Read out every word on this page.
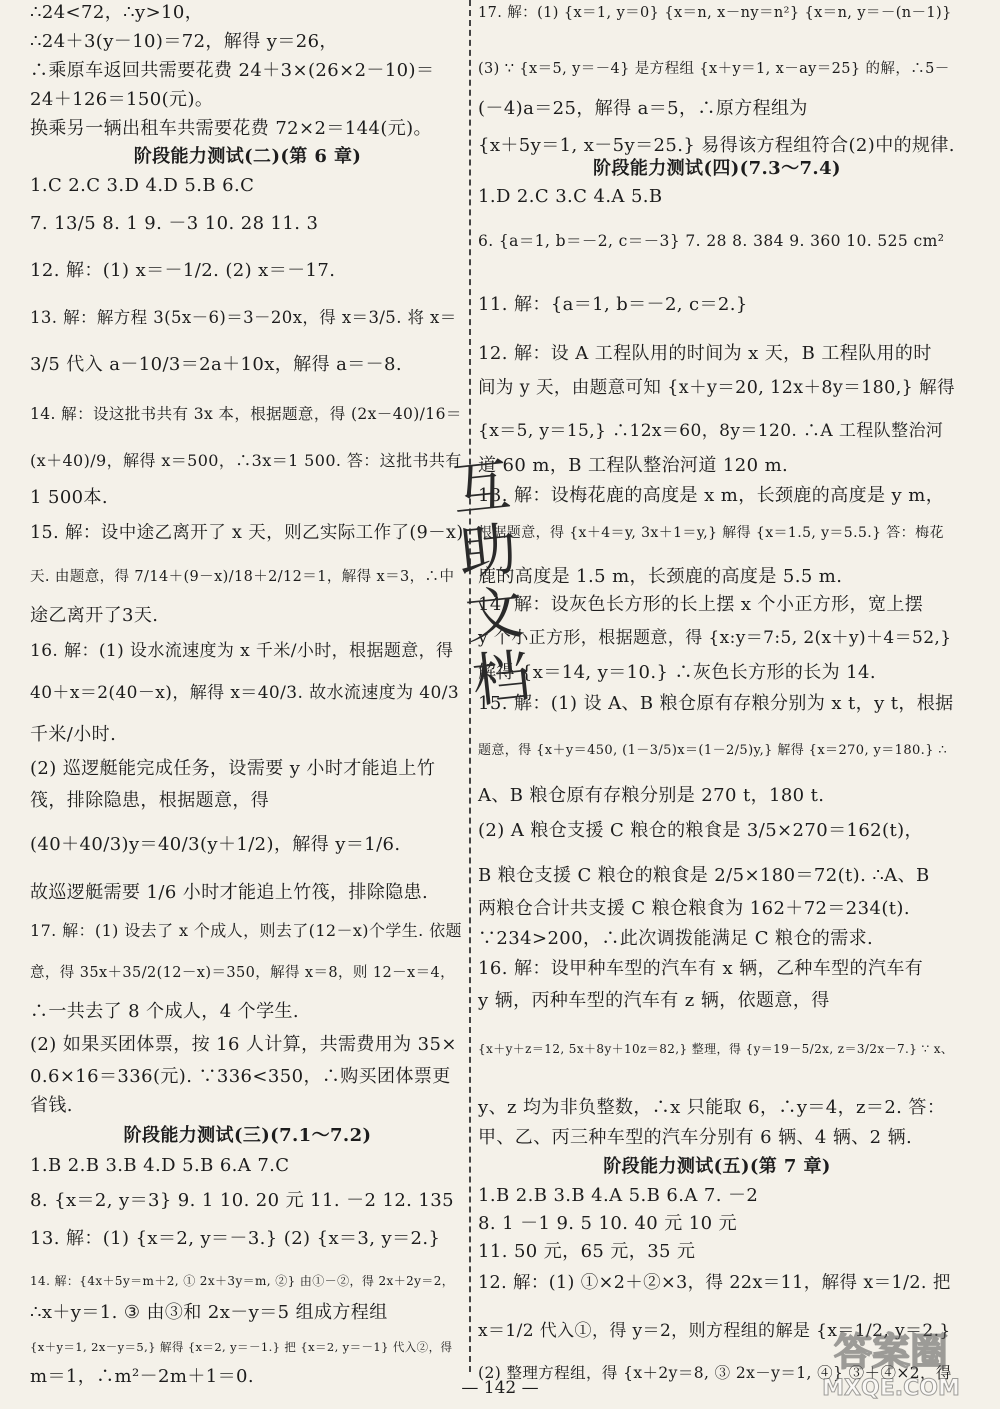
∴24<72，∴y>10，
∴24＋3(y－10)＝72，解得 y＝26，
∴乘原车返回共需要花费 24＋3×(26×2－10)＝
24＋126＝150(元)。
换乘另一辆出租车共需要花费 72×2＝144(元)。
阶段能力测试(二)(第 6 章)
1.C 2.C 3.D 4.D 5.B 6.C
7. 13/5 8. 1 9. －3 10. 28 11. 3
12. 解：(1) x＝－1/2. (2) x＝－17.
13. 解：解方程 3(5x－6)＝3－20x，得 x＝3/5. 将 x＝
3/5 代入 a－10/3＝2a＋10x，解得 a＝－8.
14. 解：设这批书共有 3x 本，根据题意，得 (2x－40)/16＝
(x＋40)/9，解得 x＝500，∴3x＝1 500. 答：这批书共有
1 500本.
15. 解：设中途乙离开了 x 天，则乙实际工作了(9－x)
天. 由题意，得 7/14＋(9－x)/18＋2/12＝1，解得 x＝3，∴中
途乙离开了3天.
16. 解：(1) 设水流速度为 x 千米/小时，根据题意，得
40＋x＝2(40－x)，解得 x＝40/3. 故水流速度为 40/3
千米/小时.
(2) 巡逻艇能完成任务，设需要 y 小时才能追上竹
筏，排除隐患，根据题意，得
(40＋40/3)y＝40/3(y＋1/2)，解得 y＝1/6.
故巡逻艇需要 1/6 小时才能追上竹筏，排除隐患.
17. 解：(1) 设去了 x 个成人，则去了(12－x)个学生. 依题
意，得 35x＋35/2(12－x)＝350，解得 x＝8，则 12－x＝4，
∴一共去了 8 个成人，4 个学生.
(2) 如果买团体票，按 16 人计算，共需费用为 35×
0.6×16＝336(元). ∵336<350，∴购买团体票更
省钱.
阶段能力测试(三)(7.1～7.2)
1.B 2.B 3.B 4.D 5.B 6.A 7.C
8. {x＝2, y＝3} 9. 1 10. 20 元 11. －2 12. 135
13. 解：(1) {x＝2, y＝－3.} (2) {x＝3, y＝2.}
14. 解：{4x＋5y＝m＋2, ① 2x＋3y＝m, ②} 由①－②，得 2x＋2y＝2，
∴x＋y＝1. ③ 由③和 2x－y＝5 组成方程组
{x＋y＝1, 2x－y＝5,} 解得 {x＝2, y＝－1.} 把 {x＝2, y＝－1} 代入②，得
m＝1，∴m²－2m＋1＝0.
17. 解：(1) {x＝1, y＝0} {x＝n, x－ny＝n²} {x＝n, y＝－(n－1)}
(3) ∵ {x＝5, y＝－4} 是方程组 {x＋y＝1, x－ay＝25} 的解，∴5－
(－4)a＝25，解得 a＝5，∴原方程组为
{x＋5y＝1, x－5y＝25.} 易得该方程组符合(2)中的规律.
阶段能力测试(四)(7.3～7.4)
1.D 2.C 3.C 4.A 5.B
6. {a＝1, b＝－2, c＝－3} 7. 28 8. 384 9. 360 10. 525 cm²
11. 解：{a＝1, b＝－2, c＝2.}
12. 解：设 A 工程队用的时间为 x 天，B 工程队用的时
间为 y 天，由题意可知 {x＋y＝20, 12x＋8y＝180,} 解得
{x＝5, y＝15,} ∴12x＝60，8y＝120. ∴A 工程队整治河
道 60 m，B 工程队整治河道 120 m.
13. 解：设梅花鹿的高度是 x m，长颈鹿的高度是 y m，
根据题意，得 {x＋4＝y, 3x＋1＝y,} 解得 {x＝1.5, y＝5.5.} 答：梅花
鹿的高度是 1.5 m，长颈鹿的高度是 5.5 m.
14. 解：设灰色长方形的长上摆 x 个小正方形，宽上摆
y 个小正方形，根据题意，得 {x:y＝7:5, 2(x＋y)＋4＝52,}
解得 {x＝14, y＝10.} ∴灰色长方形的长为 14.
15. 解：(1) 设 A、B 粮仓原有存粮分别为 x t，y t，根据
题意，得 {x＋y＝450, (1－3/5)x＝(1－2/5)y,} 解得 {x＝270, y＝180.} ∴
A、B 粮仓原有存粮分别是 270 t，180 t.
(2) A 粮仓支援 C 粮仓的粮食是 3/5×270＝162(t)，
B 粮仓支援 C 粮仓的粮食是 2/5×180＝72(t). ∴A、B
两粮仓合计共支援 C 粮仓粮食为 162＋72＝234(t).
∵234>200，∴此次调拨能满足 C 粮仓的需求.
16. 解：设甲种车型的汽车有 x 辆，乙种车型的汽车有
y 辆，丙种车型的汽车有 z 辆，依题意，得
{x＋y＋z＝12, 5x＋8y＋10z＝82,} 整理，得 {y＝19－5/2x, z＝3/2x－7.} ∵ x、
y、z 均为非负整数，∴x 只能取 6，∴y＝4，z＝2. 答：
甲、乙、丙三种车型的汽车分别有 6 辆、4 辆、2 辆.
阶段能力测试(五)(第 7 章)
1.B 2.B 3.B 4.A 5.B 6.A 7. －2
8. 1 －1 9. 5 10. 40 元 10 元
11. 50 元，65 元，35 元
12. 解：(1) ①×2＋②×3，得 22x＝11，解得 x＝1/2. 把
x＝1/2 代入①，得 y＝2，则方程组的解是 {x＝1/2, y＝2.}
(2) 整理方程组，得 {x＋2y＝8, ③ 2x－y＝1, ④} ③＋④×2，得
互
助
文
档
答案圈
MXQE.COM
— 142 —
